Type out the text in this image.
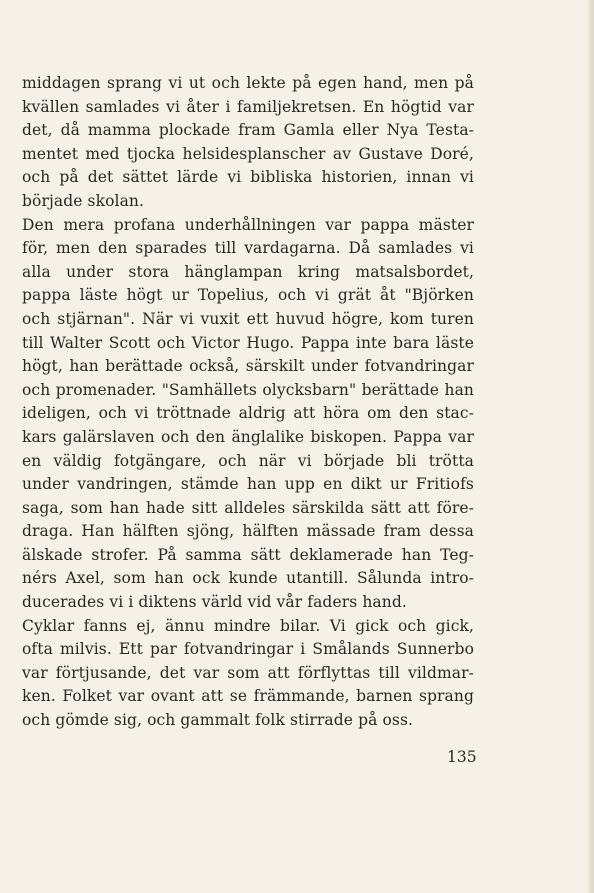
middagen sprang vi ut och lekte på egen hand, men på
kvällen samlades vi åter i familjekretsen. En högtid var
det, då mamma plockade fram Gamla eller Nya Testa-
mentet med tjocka helsidesplanscher av Gustave Doré,
och på det sättet lärde vi bibliska historien, innan vi
började skolan.
Den mera profana underhållningen var pappa mäster
för, men den sparades till vardagarna. Då samlades vi
alla under stora hänglampan kring matsalsbordet,
pappa läste högt ur Topelius, och vi grät åt "Björken
och stjärnan". När vi vuxit ett huvud högre, kom turen
till Walter Scott och Victor Hugo. Pappa inte bara läste
högt, han berättade också, särskilt under fotvandringar
och promenader. "Samhällets olycksbarn" berättade han
ideligen, och vi tröttnade aldrig att höra om den stac-
kars galärslaven och den änglalike biskopen. Pappa var
en väldig fotgängare, och när vi började bli trötta
under vandringen, stämde han upp en dikt ur Fritiofs
saga, som han hade sitt alldeles särskilda sätt att före-
draga. Han hälften sjöng, hälften mässade fram dessa
älskade strofer. På samma sätt deklamerade han Teg-
nérs Axel, som han ock kunde utantill. Sålunda intro-
ducerades vi i diktens värld vid vår faders hand.
Cyklar fanns ej, ännu mindre bilar. Vi gick och gick,
ofta milvis. Ett par fotvandringar i Smålands Sunnerbo
var förtjusande, det var som att förflyttas till vildmar-
ken. Folket var ovant att se främmande, barnen sprang
och gömde sig, och gammalt folk stirrade på oss.
135
